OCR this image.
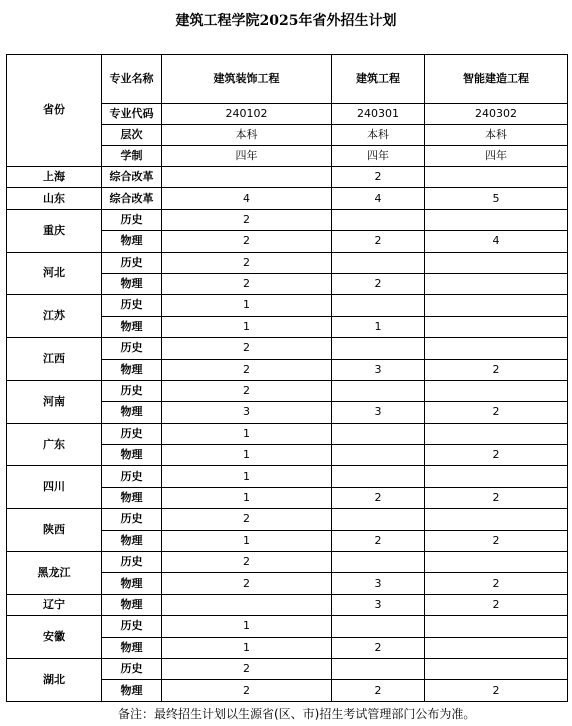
建筑工程学院2025年省外招生计划
省份	专业名称	建筑装饰工程	建筑工程	智能建造工程
	专业代码	240102	240301	240302
	层次	本科	本科	本科
	学制	四年	四年	四年
上海	综合改革		2	
山东	综合改革	4	4	5
重庆	历史	2		
	物理	2	2	4
河北	历史	2		
	物理	2	2	
江苏	历史	1		
	物理	1	1	
江西	历史	2		
	物理	2	3	2
河南	历史	2		
	物理	3	3	2
广东	历史	1		
	物理	1		2
四川	历史	1		
	物理	1	2	2
陕西	历史	2		
	物理	1	2	2
黑龙江	历史	2		
	物理	2	3	2
辽宁	物理		3	2
安徽	历史	1		
	物理	1	2	
湖北	历史	2		
	物理	2	2	2
备注：最终招生计划以生源省(区、市)招生考试管理部门公布为准。
